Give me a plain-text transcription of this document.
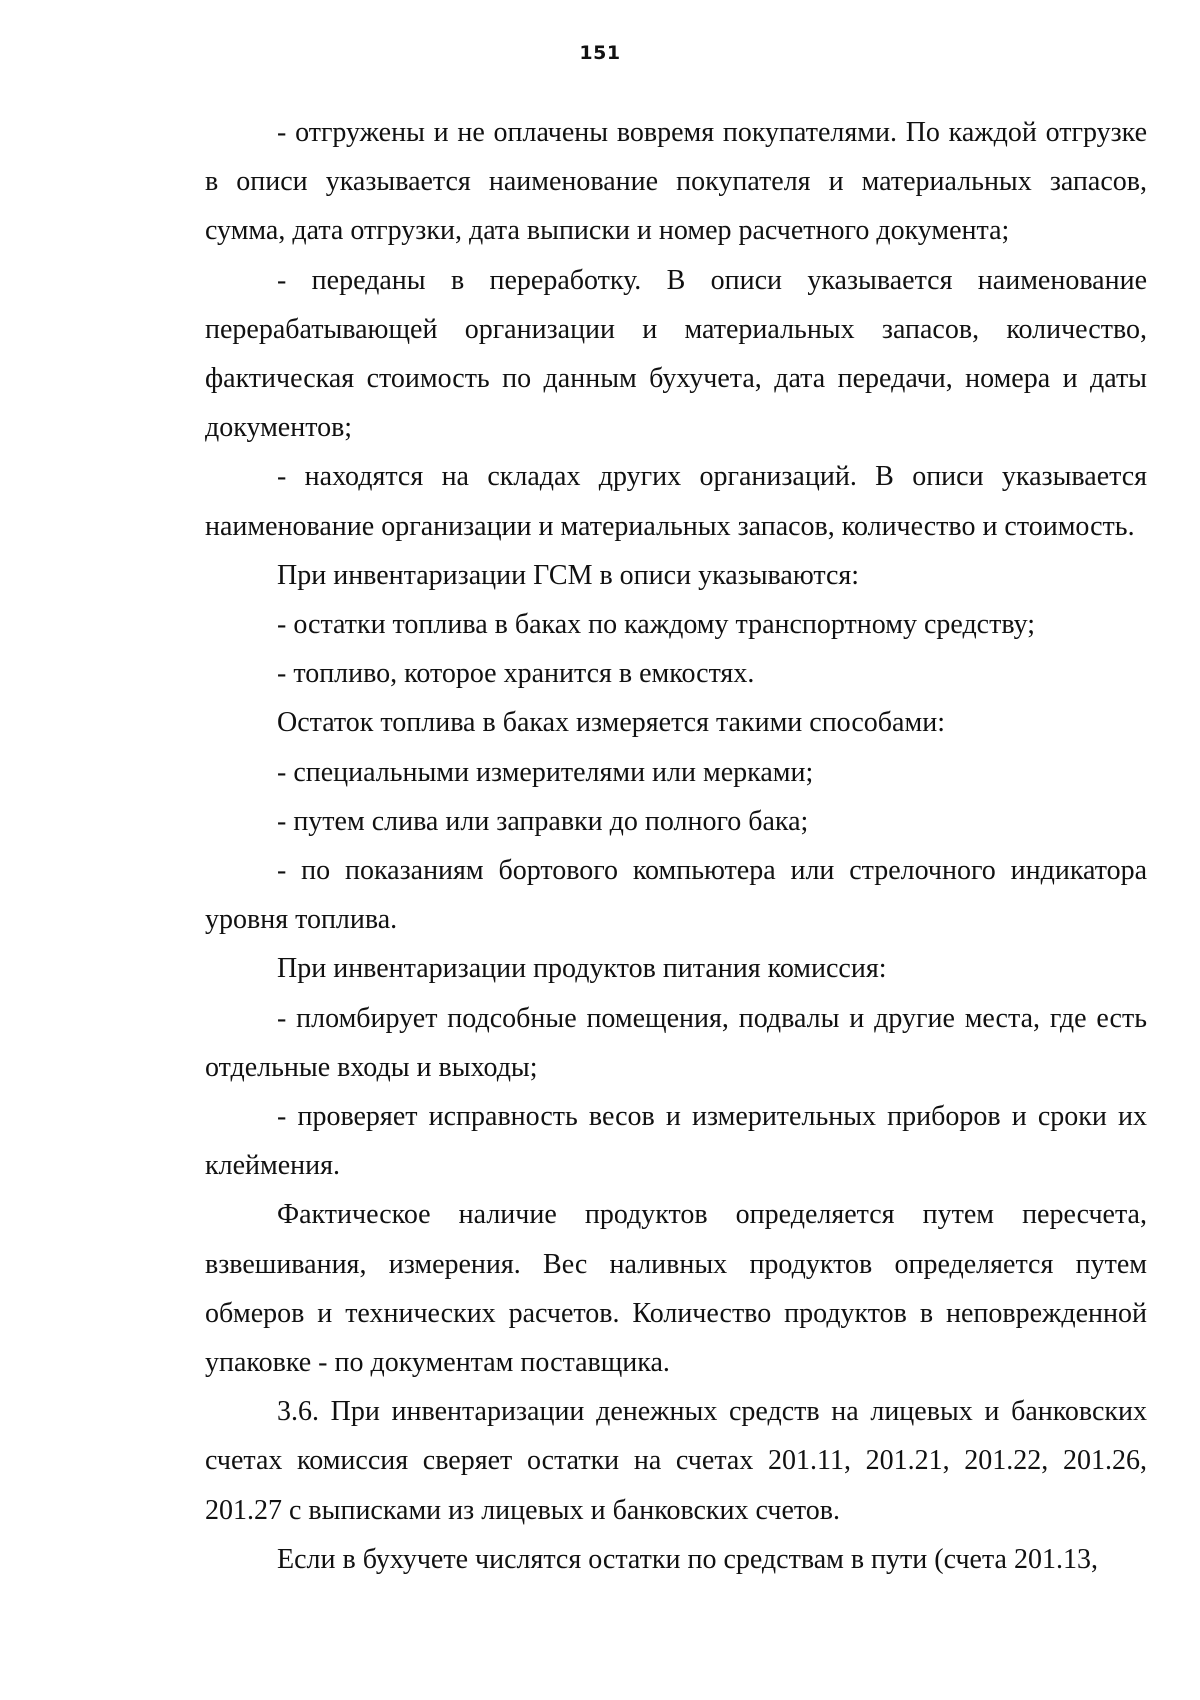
151

- отгружены и не оплачены вовремя покупателями. По каждой отгрузке в описи указывается наименование покупателя и материальных запасов, сумма, дата отгрузки, дата выписки и номер расчетного документа;

- переданы в переработку. В описи указывается наименование перерабатывающей организации и материальных запасов, количество, фактическая стоимость по данным бухучета, дата передачи, номера и даты документов;

- находятся на складах других организаций. В описи указывается наименование организации и материальных запасов, количество и стоимость.

При инвентаризации ГСМ в описи указываются:

- остатки топлива в баках по каждому транспортному средству;

- топливо, которое хранится в емкостях.

Остаток топлива в баках измеряется такими способами:

- специальными измерителями или мерками;

- путем слива или заправки до полного бака;

- по показаниям бортового компьютера или стрелочного индикатора уровня топлива.

При инвентаризации продуктов питания комиссия:

- пломбирует подсобные помещения, подвалы и другие места, где есть отдельные входы и выходы;

- проверяет исправность весов и измерительных приборов и сроки их клеймения.

Фактическое наличие продуктов определяется путем пересчета, взвешивания, измерения. Вес наливных продуктов определяется путем обмеров и технических расчетов. Количество продуктов в неповрежденной упаковке - по документам поставщика.

3.6. При инвентаризации денежных средств на лицевых и банковских счетах комиссия сверяет остатки на счетах 201.11, 201.21, 201.22, 201.26, 201.27 с выписками из лицевых и банковских счетов.

Если в бухучете числятся остатки по средствам в пути (счета 201.13,
